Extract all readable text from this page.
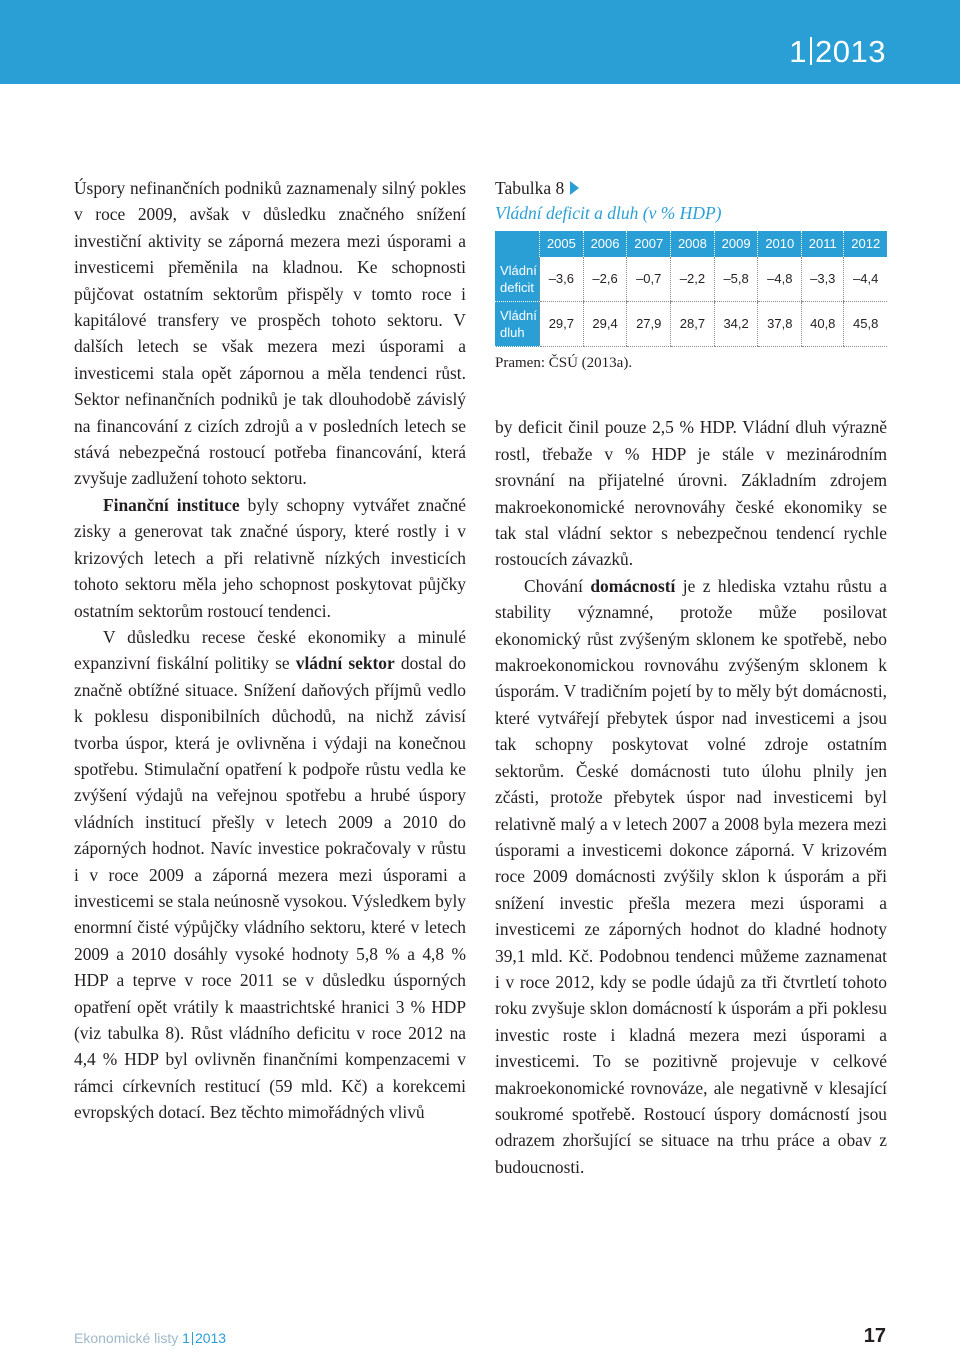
1 2013

Úspory nefinančních podniků zaznamenaly silný pokles v roce 2009, avšak v důsledku značného snížení investiční aktivity se záporná mezera mezi úsporami a investicemi přeměnila na kladnou. Ke schopnosti půjčovat ostatním sektorům přispěly v tomto roce i kapitálové transfery ve prospěch tohoto sektoru. V dalších letech se však mezera mezi úsporami a investicemi stala opět zápornou a měla tendenci růst. Sektor nefinančních podniků je tak dlouhodobě závislý na financování z cizích zdrojů a v posledních letech se stává nebezpečná rostoucí potřeba financování, která zvyšuje zadlužení tohoto sektoru.

Finanční instituce byly schopny vytvářet značné zisky a generovat tak značné úspory, které rostly i v krizových letech a při relativně nízkých investicích tohoto sektoru měla jeho schopnost poskytovat půjčky ostatním sektorům rostoucí tendenci.

V důsledku recese české ekonomiky a minulé expanzivní fiskální politiky se vládní sektor dostal do značně obtížné situace. Snížení daňových příjmů vedlo k poklesu disponibilních důchodů, na nichž závisí tvorba úspor, která je ovlivněna i výdaji na konečnou spotřebu. Stimulační opatření k podpoře růstu vedla ke zvýšení výdajů na veřejnou spotřebu a hrubé úspory vládních institucí přešly v letech 2009 a 2010 do záporných hodnot. Navíc investice pokračovaly v růstu i v roce 2009 a záporná mezera mezi úsporami a investicemi se stala neúnosně vysokou. Výsledkem byly enormní čisté výpůjčky vládního sektoru, které v letech 2009 a 2010 dosáhly vysoké hodnoty 5,8 % a 4,8 % HDP a teprve v roce 2011 se v důsledku úsporných opatření opět vrátily k maastrichtské hranici 3 % HDP (viz tabulka 8). Růst vládního deficitu v roce 2012 na 4,4 % HDP byl ovlivněn finančními kompenzacemi v rámci církevních restitucí (59 mld. Kč) a korekcemi evropských dotací. Bez těchto mimořádných vlivů

Tabulka 8
Vládní deficit a dluh (v % HDP)
	2005	2006	2007	2008	2009	2010	2011	2012
Vládní
deficit	–3,6	–2,6	–0,7	–2,2	–5,8	–4,8	–3,3	–4,4
Vládní
dluh	29,7	29,4	27,9	28,7	34,2	37,8	40,8	45,8
Pramen: ČSÚ (2013a).

by deficit činil pouze 2,5 % HDP. Vládní dluh výrazně rostl, třebaže v % HDP je stále v mezinárodním srovnání na přijatelné úrovni. Základním zdrojem makroekonomické nerovnováhy české ekonomiky se tak stal vládní sektor s nebezpečnou tendencí rychle rostoucích závazků.

Chování domácností je z hlediska vztahu růstu a stability významné, protože může posilovat ekonomický růst zvýšeným sklonem ke spotřebě, nebo makroekonomickou rovnováhu zvýšeným sklonem k úsporám. V tradičním pojetí by to měly být domácnosti, které vytvářejí přebytek úspor nad investicemi a jsou tak schopny poskytovat volné zdroje ostatním sektorům. České domácnosti tuto úlohu plnily jen zčásti, protože přebytek úspor nad investicemi byl relativně malý a v letech 2007 a 2008 byla mezera mezi úsporami a investicemi dokonce záporná. V krizovém roce 2009 domácnosti zvýšily sklon k úsporám a při snížení investic přešla mezera mezi úsporami a investicemi ze záporných hodnot do kladné hodnoty 39,1 mld. Kč. Podobnou tendenci můžeme zaznamenat i v roce 2012, kdy se podle údajů za tři čtvrtletí tohoto roku zvyšuje sklon domácností k úsporám a při poklesu investic roste i kladná mezera mezi úsporami a investicemi. To se pozitivně projevuje v celkové makroekonomické rovnováze, ale negativně v klesající soukromé spotřebě. Rostoucí úspory domácností jsou odrazem zhoršující se situace na trhu práce a obav z budoucnosti.

Ekonomické listy 1 2013	17
